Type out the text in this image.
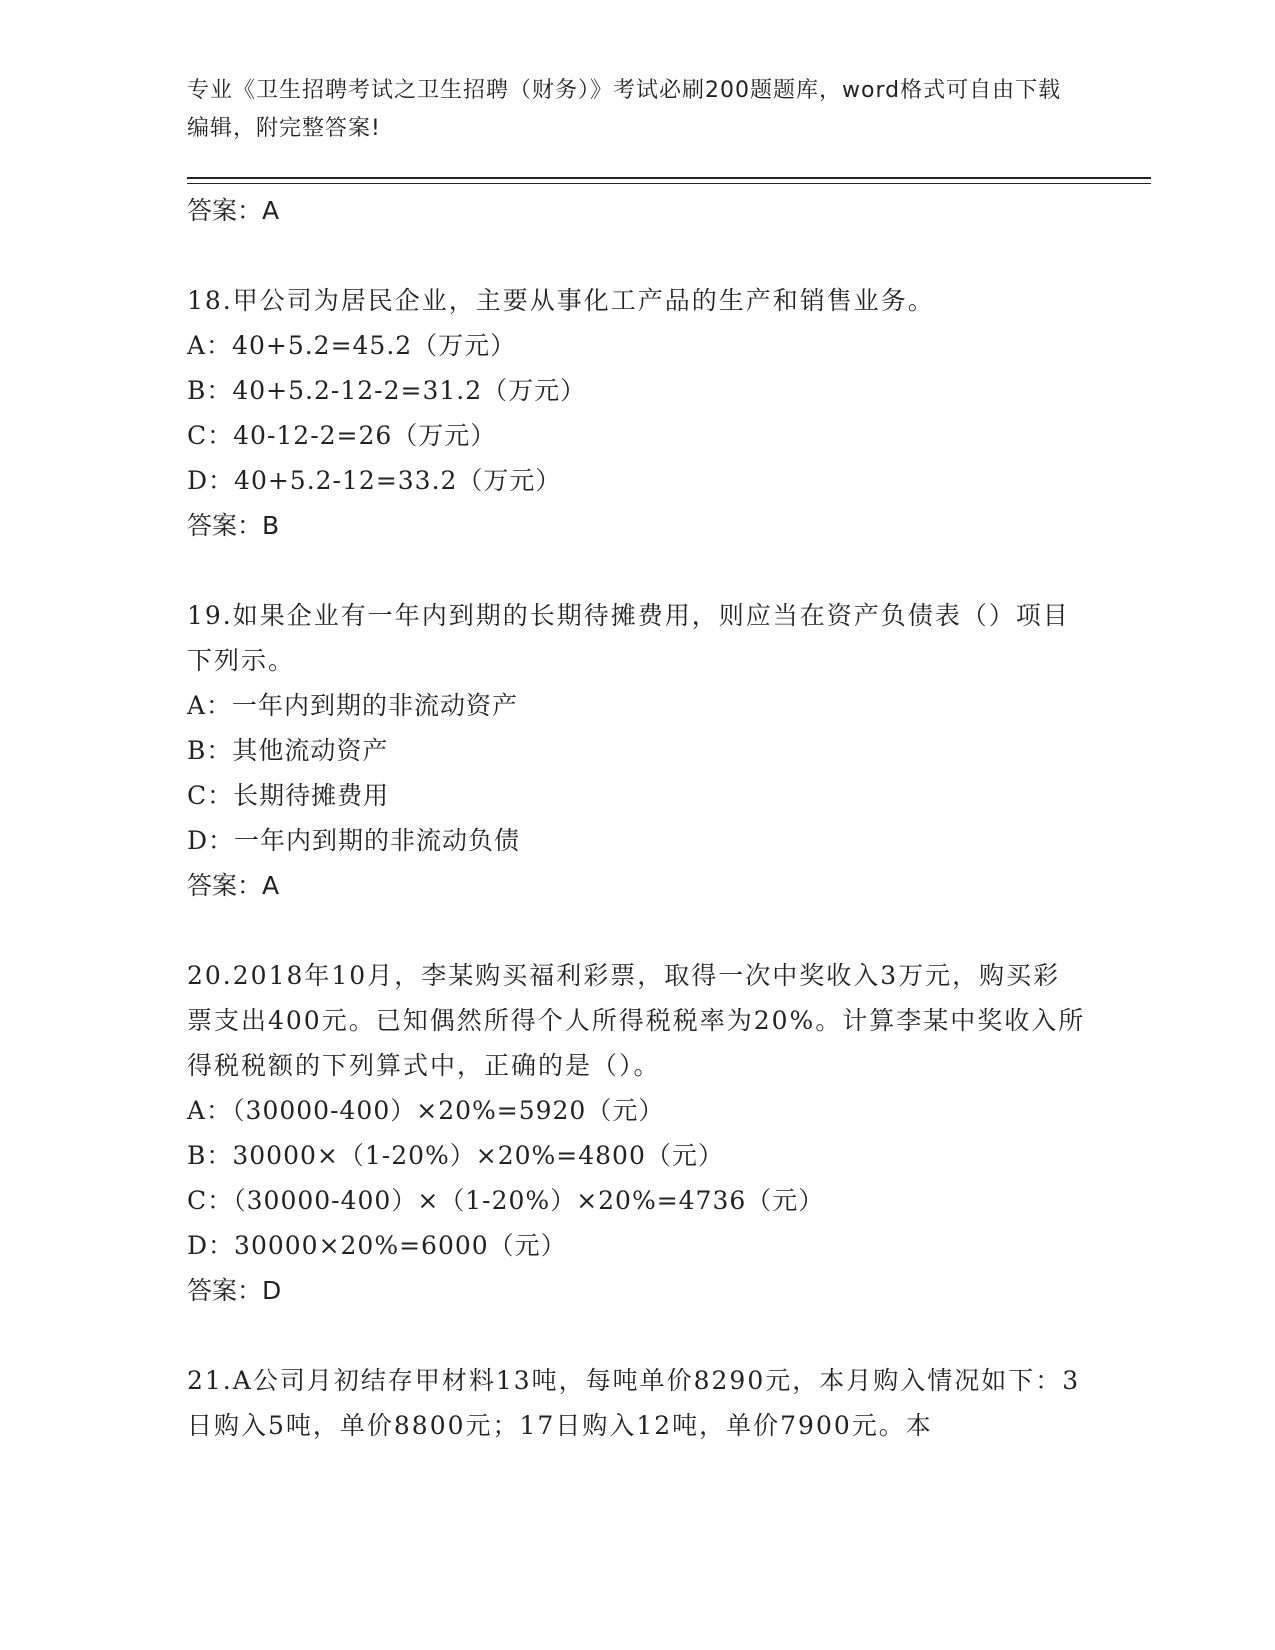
专业《卫生招聘考试之卫生招聘（财务）》考试必刷200题题库，word格式可自由下载编辑，附完整答案!
答案：A
18.甲公司为居民企业，主要从事化工产品的生产和销售业务。
A：40+5.2=45.2（万元）
B：40+5.2-12-2=31.2（万元）
C：40-12-2=26（万元）
D：40+5.2-12=33.2（万元）
答案：B
19.如果企业有一年内到期的长期待摊费用，则应当在资产负债表（）项目下列示。
A：一年内到期的非流动资产
B：其他流动资产
C：长期待摊费用
D：一年内到期的非流动负债
答案：A
20.2018年10月，李某购买福利彩票，取得一次中奖收入3万元，购买彩票支出400元。已知偶然所得个人所得税税率为20%。计算李某中奖收入所得税税额的下列算式中，正确的是（）。
A：（30000-400）×20%=5920（元）
B：30000×（1-20%）×20%=4800（元）
C：（30000-400）×（1-20%）×20%=4736（元）
D：30000×20%=6000（元）
答案：D
21.A公司月初结存甲材料13吨，每吨单价8290元，本月购入情况如下：3日购入5吨，单价8800元；17日购入12吨，单价7900元。本
